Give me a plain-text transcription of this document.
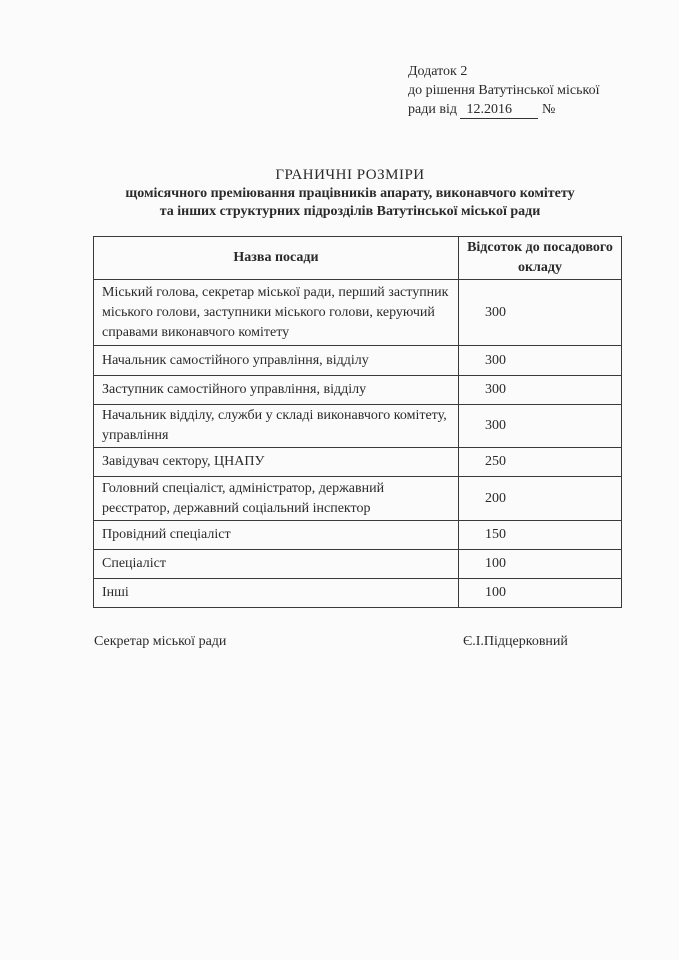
Додаток 2
до рішення Ватутінської міської
ради від 12.2016 №
ГРАНИЧНІ РОЗМІРИ
щомісячного преміювання працівників апарату, виконавчого комітету
та інших структурних підрозділів Ватутінської міської ради
Назва посади	Відсоток до посадового окладу
Міський голова, секретар міської ради, перший заступник міського голови, заступники міського голови, керуючий справами виконавчого комітету	300
Начальник самостійного управління, відділу	300
Заступник самостійного управління, відділу	300
Начальник відділу, служби у складі виконавчого комітету, управління	300
Завідувач сектору, ЦНАПУ	250
Головний спеціаліст, адміністратор, державний реєстратор, державний соціальний інспектор	200
Провідний спеціаліст	150
Спеціаліст	100
Інші	100
Секретар міської ради	Є.І.Підцерковний
